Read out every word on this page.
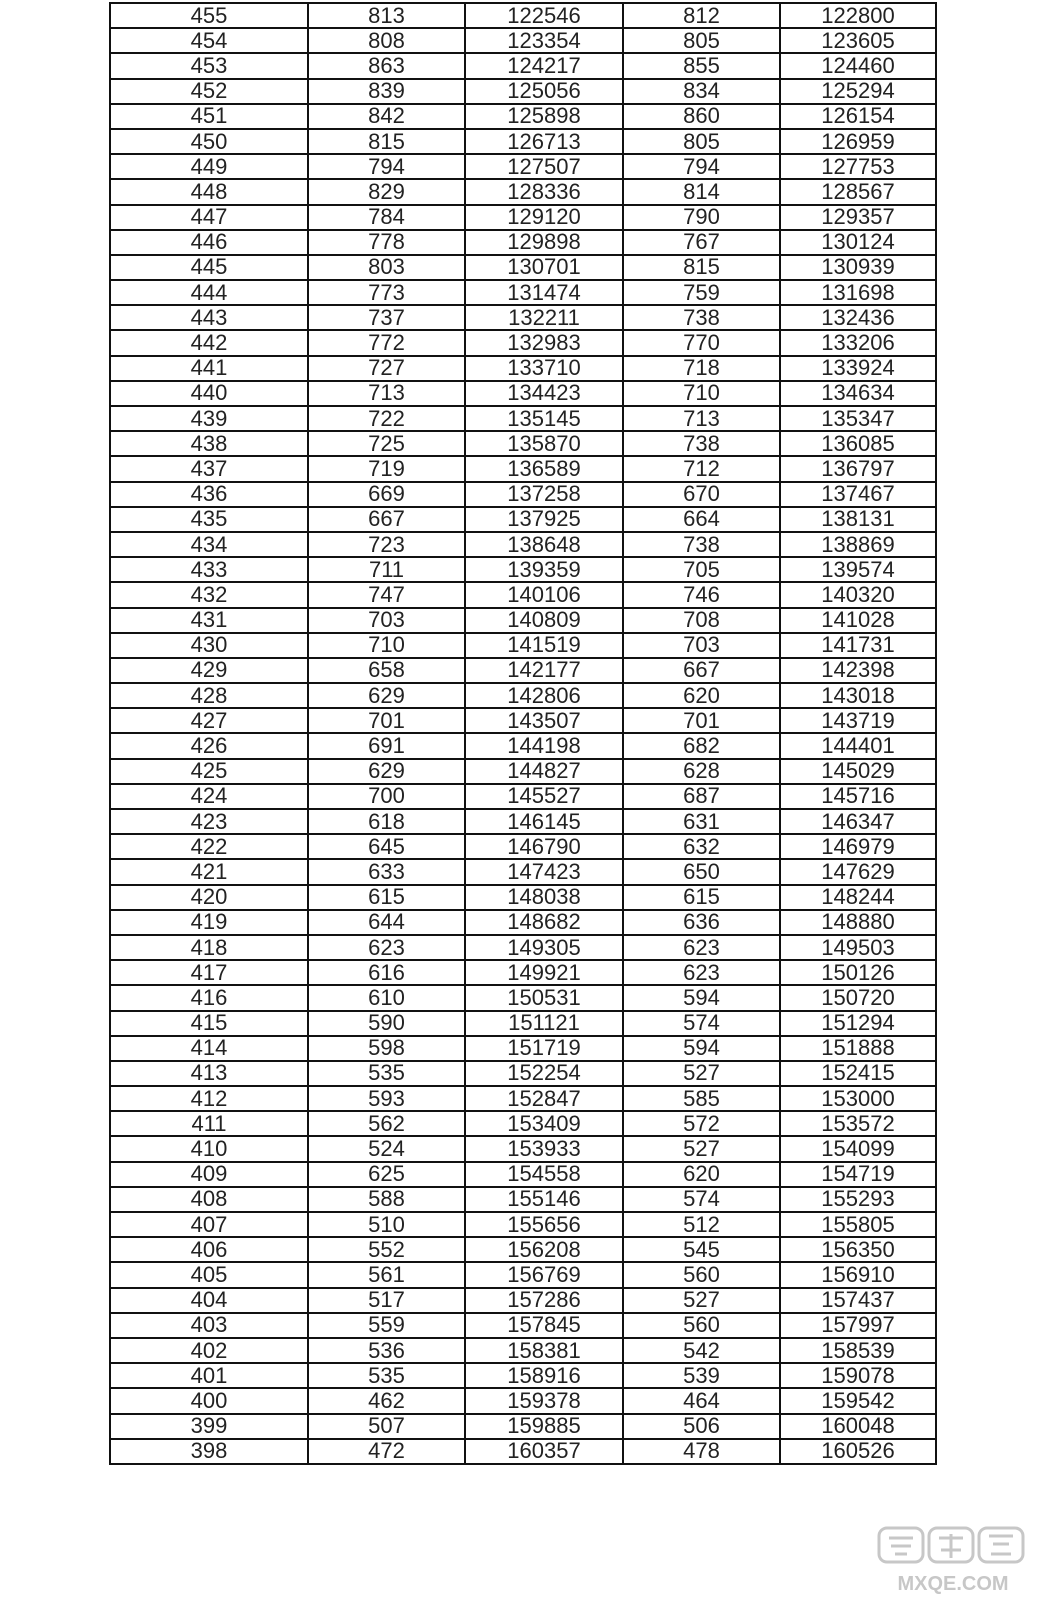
455	813	122546	812	122800
454	808	123354	805	123605
453	863	124217	855	124460
452	839	125056	834	125294
451	842	125898	860	126154
450	815	126713	805	126959
449	794	127507	794	127753
448	829	128336	814	128567
447	784	129120	790	129357
446	778	129898	767	130124
445	803	130701	815	130939
444	773	131474	759	131698
443	737	132211	738	132436
442	772	132983	770	133206
441	727	133710	718	133924
440	713	134423	710	134634
439	722	135145	713	135347
438	725	135870	738	136085
437	719	136589	712	136797
436	669	137258	670	137467
435	667	137925	664	138131
434	723	138648	738	138869
433	711	139359	705	139574
432	747	140106	746	140320
431	703	140809	708	141028
430	710	141519	703	141731
429	658	142177	667	142398
428	629	142806	620	143018
427	701	143507	701	143719
426	691	144198	682	144401
425	629	144827	628	145029
424	700	145527	687	145716
423	618	146145	631	146347
422	645	146790	632	146979
421	633	147423	650	147629
420	615	148038	615	148244
419	644	148682	636	148880
418	623	149305	623	149503
417	616	149921	623	150126
416	610	150531	594	150720
415	590	151121	574	151294
414	598	151719	594	151888
413	535	152254	527	152415
412	593	152847	585	153000
411	562	153409	572	153572
410	524	153933	527	154099
409	625	154558	620	154719
408	588	155146	574	155293
407	510	155656	512	155805
406	552	156208	545	156350
405	561	156769	560	156910
404	517	157286	527	157437
403	559	157845	560	157997
402	536	158381	542	158539
401	535	158916	539	159078
400	462	159378	464	159542
399	507	159885	506	160048
398	472	160357	478	160526
MXQE.COM
